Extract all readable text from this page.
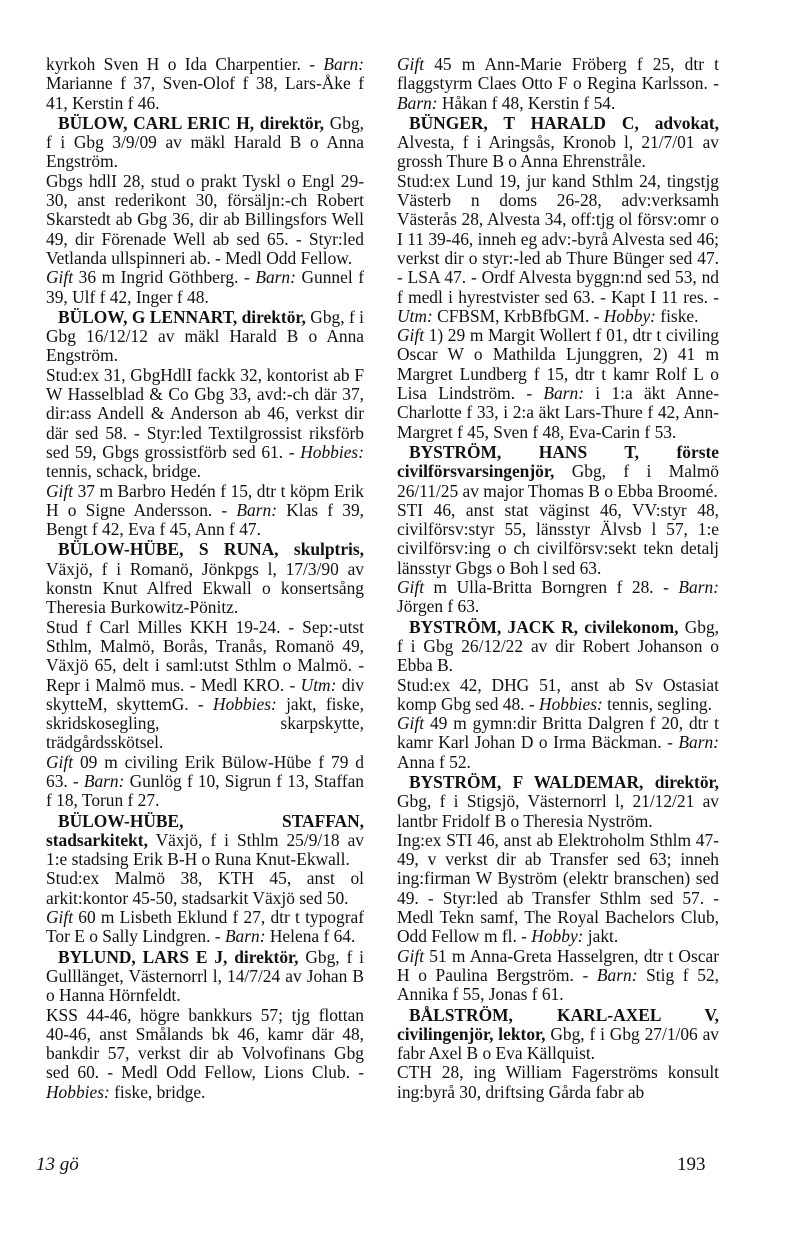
kyrkoh Sven H o Ida Charpentier. - Barn: Marianne f 37, Sven-Olof f 38, Lars-Åke f 41, Kerstin f 46.

BÜLOW, CARL ERIC H, direktör, Gbg, f i Gbg 3/9/09 av mäkl Harald B o Anna Engström.

Gbgs hdlI 28, stud o prakt Tyskl o Engl 29-30, anst rederikont 30, försäljn:-ch Robert Skarstedt ab Gbg 36, dir ab Billingsfors Well 49, dir Förenade Well ab sed 65. - Styr:led Vetlanda ullspinneri ab. - Medl Odd Fellow.

Gift 36 m Ingrid Göthberg. - Barn: Gunnel f 39, Ulf f 42, Inger f 48.

BÜLOW, G LENNART, direktör, Gbg, f i Gbg 16/12/12 av mäkl Harald B o Anna Engström.

Stud:ex 31, GbgHdlI fackk 32, kontorist ab F W Hasselblad & Co Gbg 33, avd:-ch där 37, dir:ass Andell & Anderson ab 46, verkst dir där sed 58. - Styr:led Textilgrossist riksförb sed 59, Gbgs grossistförb sed 61. - Hobbies: tennis, schack, bridge.

Gift 37 m Barbro Hedén f 15, dtr t köpm Erik H o Signe Andersson. - Barn: Klas f 39, Bengt f 42, Eva f 45, Ann f 47.

BÜLOW-HÜBE, S RUNA, skulptris, Växjö, f i Romanö, Jönkpgs l, 17/3/90 av konstn Knut Alfred Ekwall o konsertsång Theresia Burkowitz-Pönitz.

Stud f Carl Milles KKH 19-24. - Sep:-utst Sthlm, Malmö, Borås, Tranås, Romanö 49, Växjö 65, delt i saml:utst Sthlm o Malmö. - Repr i Malmö mus. - Medl KRO. - Utm: div skytteM, skyttemG. - Hobbies: jakt, fiske, skridskosegling, skarpskytte, trädgårdsskötsel.

Gift 09 m civiling Erik Bülow-Hübe f 79 d 63. - Barn: Gunlög f 10, Sigrun f 13, Staffan f 18, Torun f 27.

BÜLOW-HÜBE, STAFFAN, stadsarkitekt, Växjö, f i Sthlm 25/9/18 av 1:e stadsing Erik B-H o Runa Knut-Ekwall.

Stud:ex Malmö 38, KTH 45, anst ol arkit:kontor 45-50, stadsarkit Växjö sed 50.

Gift 60 m Lisbeth Eklund f 27, dtr t typograf Tor E o Sally Lindgren. - Barn: Helena f 64.

BYLUND, LARS E J, direktör, Gbg, f i Gulllänget, Västernorrl l, 14/7/24 av Johan B o Hanna Hörnfeldt.

KSS 44-46, högre bankkurs 57; tjg flottan 40-46, anst Smålands bk 46, kamr där 48, bankdir 57, verkst dir ab Volvofinans Gbg sed 60. - Medl Odd Fellow, Lions Club. - Hobbies: fiske, bridge.

Gift 45 m Ann-Marie Fröberg f 25, dtr t flaggstyrm Claes Otto F o Regina Karlsson. - Barn: Håkan f 48, Kerstin f 54.

BÜNGER, T HARALD C, advokat, Alvesta, f i Aringsås, Kronob l, 21/7/01 av grossh Thure B o Anna Ehrenstråle.

Stud:ex Lund 19, jur kand Sthlm 24, tingstjg Västerb n doms 26-28, adv:verksamh Västerås 28, Alvesta 34, off:tjg ol försv:omr o I 11 39-46, inneh eg adv:-byrå Alvesta sed 46; verkst dir o styr:-led ab Thure Bünger sed 47. - LSA 47. - Ordf Alvesta byggn:nd sed 53, nd f medl i hyrestvister sed 63. - Kapt I 11 res. - Utm: CFBSM, KrbBfbGM. - Hobby: fiske.

Gift 1) 29 m Margit Wollert f 01, dtr t civiling Oscar W o Mathilda Ljunggren, 2) 41 m Margret Lundberg f 15, dtr t kamr Rolf L o Lisa Lindström. - Barn: i 1:a äkt Anne-Charlotte f 33, i 2:a äkt Lars-Thure f 42, Ann-Margret f 45, Sven f 48, Eva-Carin f 53.

BYSTRÖM, HANS T, förste civilförsvarsingenjör, Gbg, f i Malmö 26/11/25 av major Thomas B o Ebba Broomé.

STI 46, anst stat väginst 46, VV:styr 48, civilförsv:styr 55, länsstyr Älvsb l 57, 1:e civilförsv:ing o ch civilförsv:sekt tekn detalj länsstyr Gbgs o Boh l sed 63.

Gift m Ulla-Britta Borngren f 28. - Barn: Jörgen f 63.

BYSTRÖM, JACK R, civilekonom, Gbg, f i Gbg 26/12/22 av dir Robert Johanson o Ebba B.

Stud:ex 42, DHG 51, anst ab Sv Ostasiat komp Gbg sed 48. - Hobbies: tennis, segling.

Gift 49 m gymn:dir Britta Dalgren f 20, dtr t kamr Karl Johan D o Irma Bäckman. - Barn: Anna f 52.

BYSTRÖM, F WALDEMAR, direktör, Gbg, f i Stigsjö, Västernorrl l, 21/12/21 av lantbr Fridolf B o Theresia Nyström.

Ing:ex STI 46, anst ab Elektroholm Sthlm 47-49, v verkst dir ab Transfer sed 63; inneh ing:firman W Byström (elektr branschen) sed 49. - Styr:led ab Transfer Sthlm sed 57. - Medl Tekn samf, The Royal Bachelors Club, Odd Fellow m fl. - Hobby: jakt.

Gift 51 m Anna-Greta Hasselgren, dtr t Oscar H o Paulina Bergström. - Barn: Stig f 52, Annika f 55, Jonas f 61.

BÅLSTRÖM, KARL-AXEL V, civilingenjör, lektor, Gbg, f i Gbg 27/1/06 av fabr Axel B o Eva Källquist.

CTH 28, ing William Fagerströms konsult ing:byrå 30, driftsing Gårda fabr ab

13 gö	193
